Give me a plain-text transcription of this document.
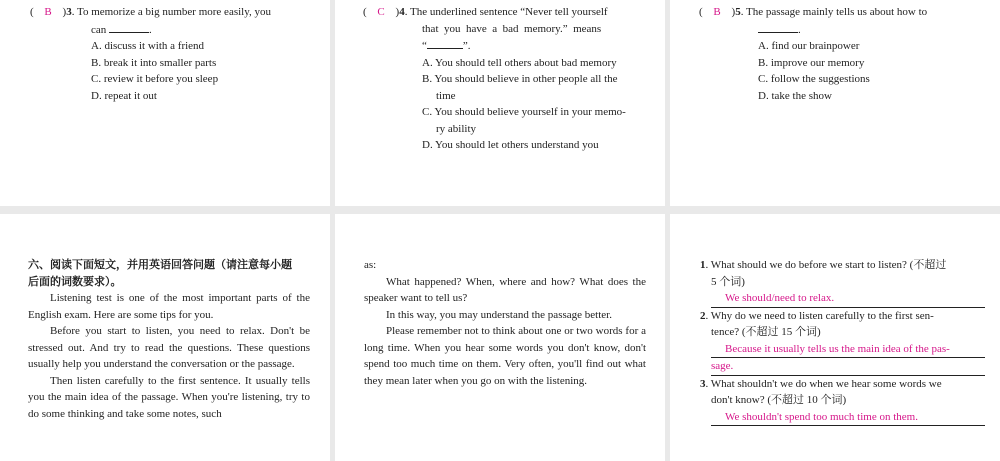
( B )3. To memorize a big number more easily, you
can	.
A. discuss it with a friend
B. break it into smaller parts
C. review it before you sleep
D. repeat it out
( C )4. The underlined sentence “Never tell yourself
that  you  have  a  bad  memory.”  means
“	”.
A. You should tell others about bad memory
B. You should believe in other people all the
time
C. You should believe yourself in your memo-
ry ability
D. You should let others understand you
( B )5. The passage mainly tells us about how to
.
A. find our brainpower
B. improve our memory
C. follow the suggestions
D. take the show

六、阅读下面短文，并用英语回答问题（请注意每小题

后面的词数要求）。

Listening test is one of the most important parts of the English exam. Here are some tips for you.

Before you start to listen, you need to relax. Don't be stressed out. And try to read the questions. These questions usually help you understand the conversation or the passage.

Then listen carefully to the first sentence. It usually tells you the main idea of the passage. When you're listening, try to do some thinking and take some notes, such

as:

What happened? When, where and how? What does the speaker want to tell us?

In this way, you may understand the passage better.

Please remember not to think about one or two words for a long time. When you hear some words you don't know, don't spend too much time on them. Very often, you'll find out what they mean later when you go on with the listening.

1. What should we do before we start to listen? (不超过
5 个词)
We should/need to relax.
2. Why do we need to listen carefully to the first sen-
tence? (不超过 15 个词)
Because it usually tells us the main idea of the pas-
sage.
3. What shouldn't we do when we hear some words we
don't know? (不超过 10 个词)
We shouldn't spend too much time on them.
